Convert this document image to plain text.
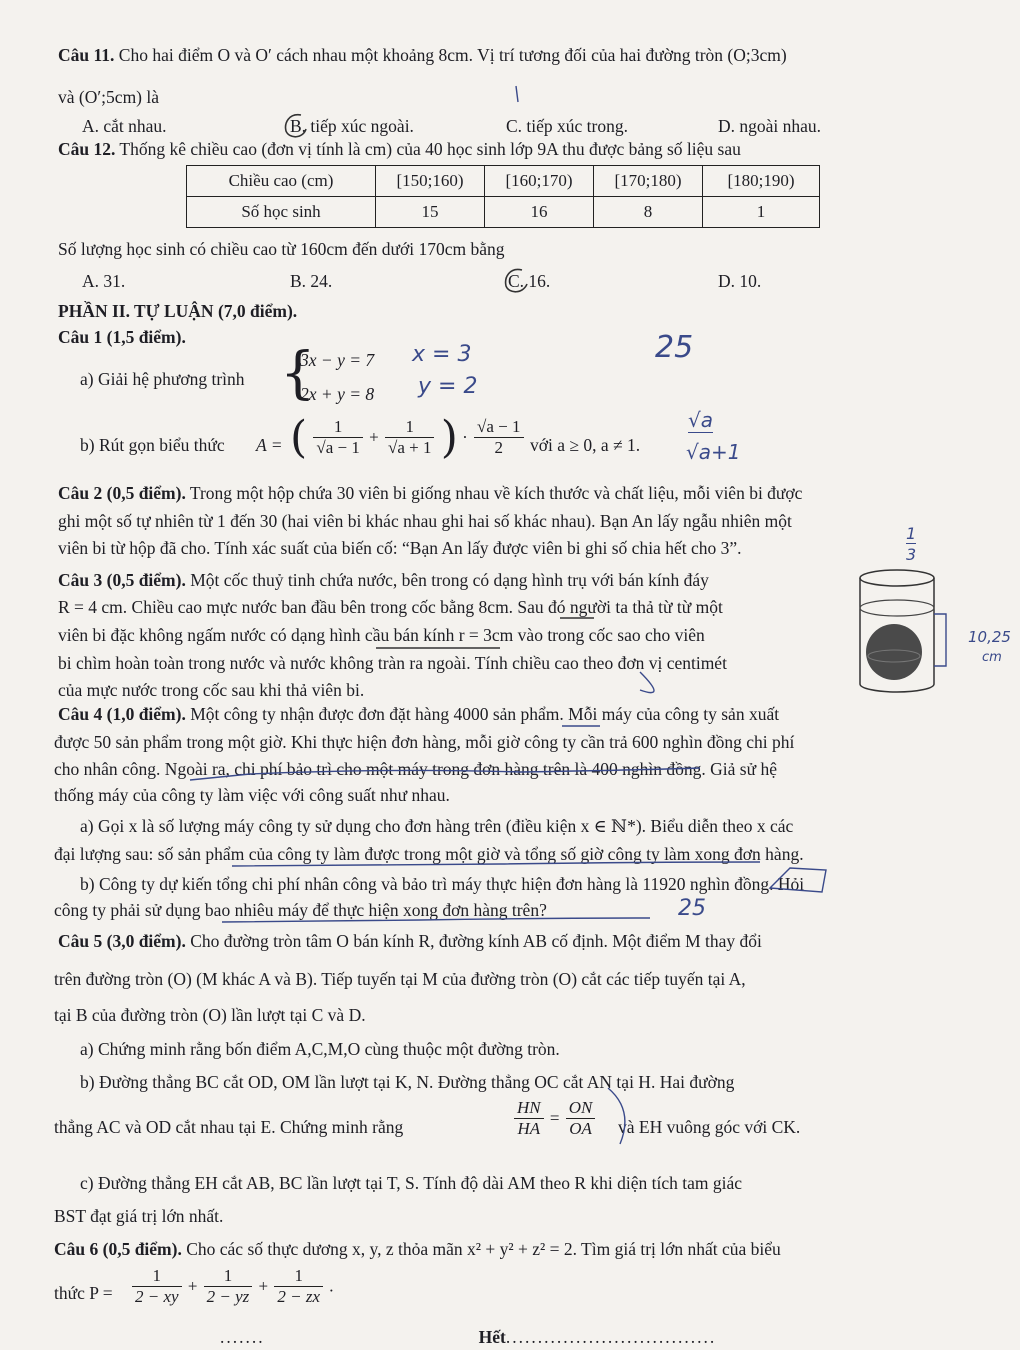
Câu 11. Cho hai điểm O và O′ cách nhau một khoảng 8cm. Vị trí tương đối của hai đường tròn (O;3cm)
và (O′;5cm) là
A. cắt nhau.	B. tiếp xúc ngoài.	C. tiếp xúc trong.	D. ngoài nhau.
Câu 12. Thống kê chiều cao (đơn vị tính là cm) của 40 học sinh lớp 9A thu được bảng số liệu sau
Chiều cao (cm)	[150;160)	[160;170)	[170;180)	[180;190)
Số học sinh	15	16	8	1
Số lượng học sinh có chiều cao từ 160cm đến dưới 170cm bằng
A. 31.	B. 24.	C. 16.	D. 10.
PHẦN II. TỰ LUẬN (7,0 điểm).
Câu 1 (1,5 điểm).
a) Giải hệ phương trình {
3x − y = 7
2x + y = 8
b) Rút gọn biểu thức A = ( $\frac{1}{√a - 1} + \frac{1}{√a + 1}$ ) · $\frac{√a - 1}{2}$ với a ≥ 0, a ≠ 1.
Câu 2 (0,5 điểm). Trong một hộp chứa 30 viên bi giống nhau về kích thước và chất liệu, mỗi viên bi được
ghi một số tự nhiên từ 1 đến 30 (hai viên bi khác nhau ghi hai số khác nhau). Bạn An lấy ngẫu nhiên một
viên bi từ hộp đã cho. Tính xác suất của biến cố: “Bạn An lấy được viên bi ghi số chia hết cho 3”.
Câu 3 (0,5 điểm). Một cốc thuỷ tinh chứa nước, bên trong có dạng hình trụ với bán kính đáy
R = 4 cm. Chiều cao mực nước ban đầu bên trong cốc bằng 8cm. Sau đó người ta thả từ từ một
viên bi đặc không ngấm nước có dạng hình cầu bán kính r = 3cm vào trong cốc sao cho viên
bi chìm hoàn toàn trong nước và nước không tràn ra ngoài. Tính chiều cao theo đơn vị centimét
của mực nước trong cốc sau khi thả viên bi.
Câu 4 (1,0 điểm). Một công ty nhận được đơn đặt hàng 4000 sản phẩm. Mỗi máy của công ty sản xuất
được 50 sản phẩm trong một giờ. Khi thực hiện đơn hàng, mỗi giờ công ty cần trả 600 nghìn đồng chi phí
cho nhân công. Ngoài ra, chi phí bảo trì cho một máy trong đơn hàng trên là 400 nghìn đồng. Giả sử hệ
thống máy của công ty làm việc với công suất như nhau.
a) Gọi x là số lượng máy công ty sử dụng cho đơn hàng trên (điều kiện x ∈ ℕ*). Biểu diễn theo x các
đại lượng sau: số sản phẩm của công ty làm được trong một giờ và tổng số giờ công ty làm xong đơn hàng.
b) Công ty dự kiến tổng chi phí nhân công và bảo trì máy thực hiện đơn hàng là 11920 nghìn đồng. Hỏi
công ty phải sử dụng bao nhiêu máy để thực hiện xong đơn hàng trên?
Câu 5 (3,0 điểm). Cho đường tròn tâm O bán kính R, đường kính AB cố định. Một điểm M thay đổi
trên đường tròn (O) (M khác A và B). Tiếp tuyến tại M của đường tròn (O) cắt các tiếp tuyến tại A,
tại B của đường tròn (O) lần lượt tại C và D.
a) Chứng minh rằng bốn điểm A,C,M,O cùng thuộc một đường tròn.
b) Đường thẳng BC cắt OD, OM lần lượt tại K, N. Đường thẳng OC cắt AN tại H. Hai đường
thẳng AC và OD cắt nhau tại E. Chứng minh rằng	$\frac{HN}{HA} = \frac{ON}{OA}$ và EH vuông góc với CK.
c) Đường thẳng EH cắt AB, BC lần lượt tại T, S. Tính độ dài AM theo R khi diện tích tam giác
BST đạt giá trị lớn nhất.
Câu 6 (0,5 điểm). Cho các số thực dương x, y, z thỏa mãn x² + y² + z² = 2. Tìm giá trị lớn nhất của biểu
thức $P = \frac{1}{2 - xy} + \frac{1}{2 - yz} + \frac{1}{2 - zx}$ .
.......	Hết.................................
x = 3
y = 2
25
√a
√a+1
1
3
10,25
cm
25
